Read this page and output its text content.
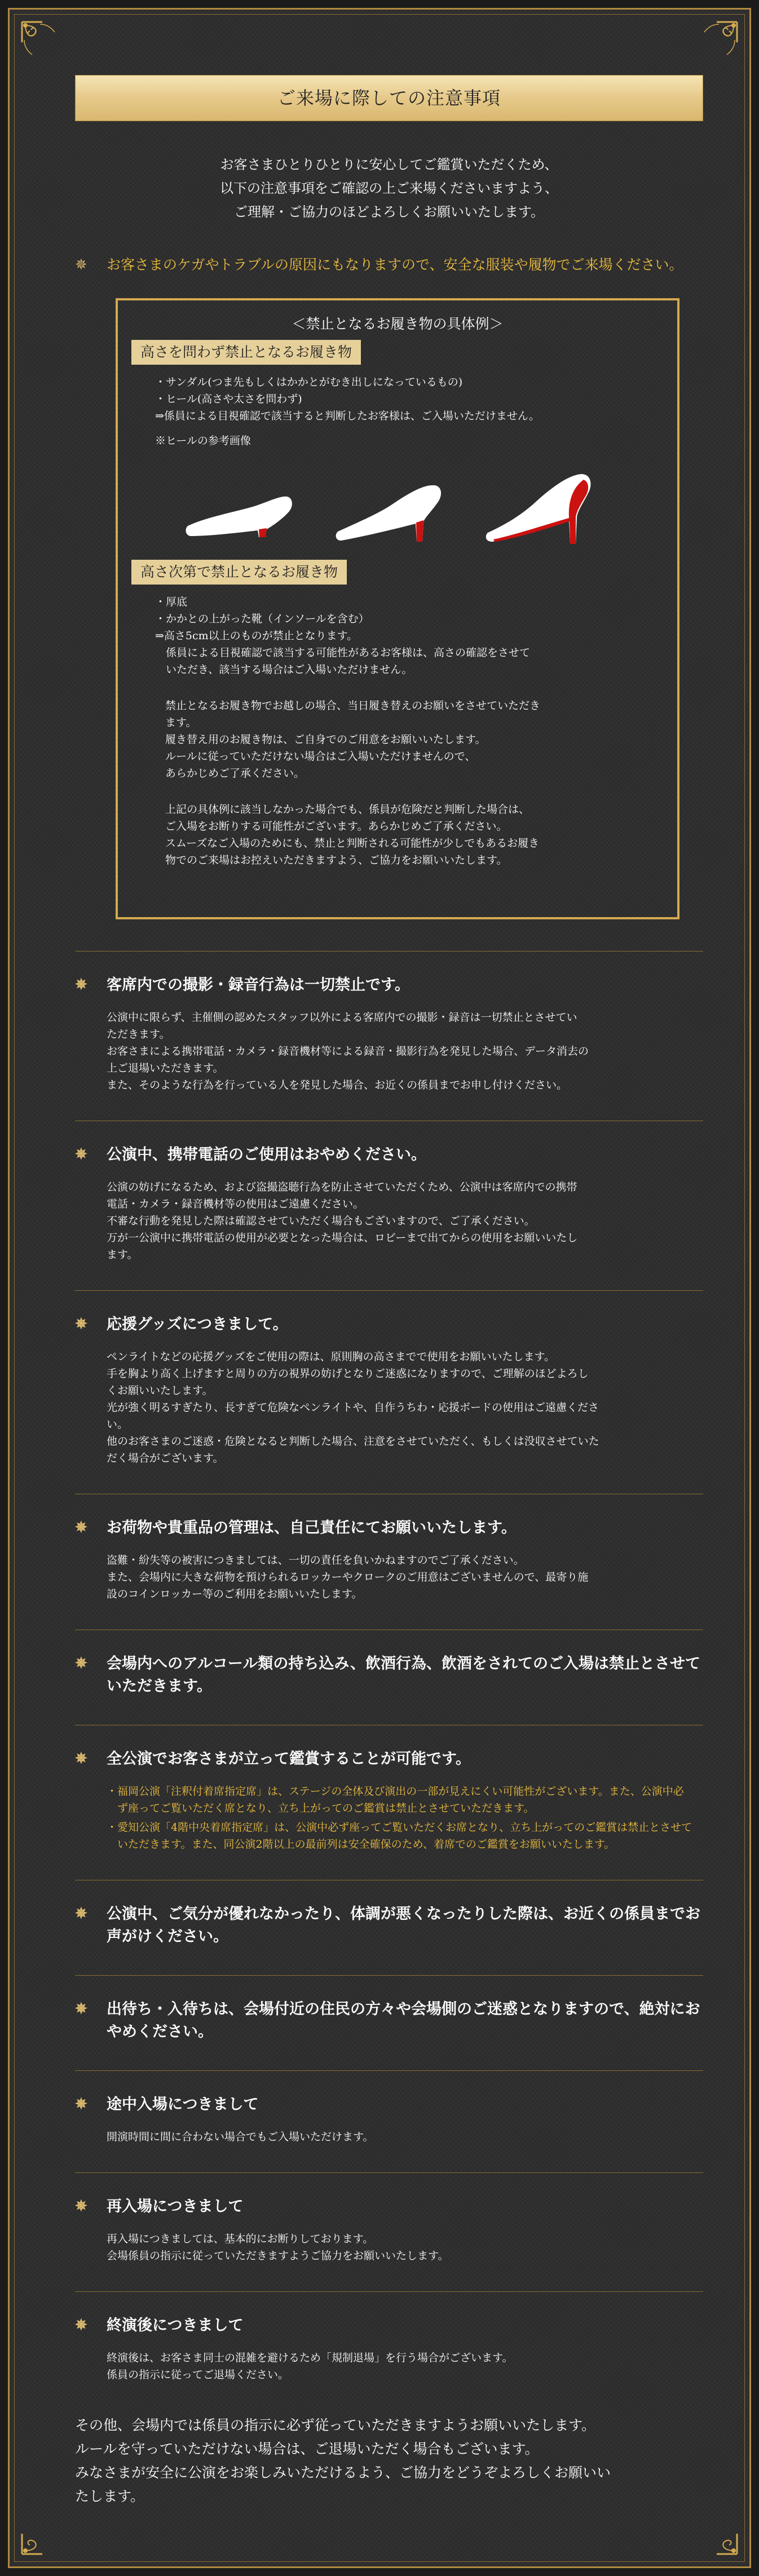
ご来場に際しての注意事項
お客さまひとりひとりに安心してご鑑賞いただくため、
以下の注意事項をご確認の上ご来場くださいますよう、
ご理解・ご協力のほどよろしくお願いいたします。
✵	お客さまのケガやトラブルの原因にもなりますので、安全な服装や履物でご来場ください。
＜禁止となるお履き物の具体例＞
高さを問わず禁止となるお履き物
・サンダル(つま先もしくはかかとがむき出しになっているもの)
・ヒール(高さや太さを問わず)
⇒係員による目視確認で該当すると判断したお客様は、ご入場いただけません。
※ヒールの参考画像
高さ次第で禁止となるお履き物
・厚底
・かかとの上がった靴（インソールを含む）
⇒高さ5cm以上のものが禁止となります。
　係員による目視確認で該当する可能性があるお客様は、高さの確認をさせて
　いただき、該当する場合はご入場いただけません。
禁止となるお履き物でお越しの場合、当日履き替えのお願いをさせていただき
ます。
履き替え用のお履き物は、ご自身でのご用意をお願いいたします。
ルールに従っていただけない場合はご入場いただけませんので、
あらかじめご了承ください。
上記の具体例に該当しなかった場合でも、係員が危険だと判断した場合は、
ご入場をお断りする可能性がございます。あらかじめご了承ください。
スムーズなご入場のためにも、禁止と判断される可能性が少しでもあるお履き
物でのご来場はお控えいただきますよう、ご協力をお願いいたします。
✵	客席内での撮影・録音行為は一切禁止です。
公演中に限らず、主催側の認めたスタッフ以外による客席内での撮影・録音は一切禁止とさせてい
ただきます。
お客さまによる携帯電話・カメラ・録音機材等による録音・撮影行為を発見した場合、データ消去の
上ご退場いただきます。
また、そのような行為を行っている人を発見した場合、お近くの係員までお申し付けください。
✵	公演中、携帯電話のご使用はおやめください。
公演の妨げになるため、および盗撮盗聴行為を防止させていただくため、公演中は客席内での携帯
電話・カメラ・録音機材等の使用はご遠慮ください。
不審な行動を発見した際は確認させていただく場合もございますので、ご了承ください。
万が一公演中に携帯電話の使用が必要となった場合は、ロビーまで出てからの使用をお願いいたし
ます。
✵	応援グッズにつきまして。
ペンライトなどの応援グッズをご使用の際は、原則胸の高さまでで使用をお願いいたします。
手を胸より高く上げますと周りの方の視界の妨げとなりご迷惑になりますので、ご理解のほどよろし
くお願いいたします。
光が強く明るすぎたり、長すぎて危険なペンライトや、自作うちわ・応援ボードの使用はご遠慮くださ
い。
他のお客さまのご迷惑・危険となると判断した場合、注意をさせていただく、もしくは没収させていた
だく場合がございます。
✵	お荷物や貴重品の管理は、自己責任にてお願いいたします。
盗難・紛失等の被害につきましては、一切の責任を負いかねますのでご了承ください。
また、会場内に大きな荷物を預けられるロッカーやクロークのご用意はございませんので、最寄り施
設のコインロッカー等のご利用をお願いいたします。
✵	会場内へのアルコール類の持ち込み、飲酒行為、飲酒をされてのご入場は禁止とさせていただきます。
✵	全公演でお客さまが立って鑑賞することが可能です。
・ 福岡公演「注釈付着席指定席」は、ステージの全体及び演出の一部が見えにくい可能性がございます。また、公演中必ず座ってご覧いただく席となり、立ち上がってのご鑑賞は禁止とさせていただきます。
・ 愛知公演「4階中央着席指定席」は、公演中必ず座ってご覧いただくお席となり、立ち上がってのご鑑賞は禁止とさせていただきます。また、同公演2階以上の最前列は安全確保のため、着席でのご鑑賞をお願いいたします。
✵	公演中、ご気分が優れなかったり、体調が悪くなったりした際は、お近くの係員までお声がけください。
✵	出待ち・入待ちは、会場付近の住民の方々や会場側のご迷惑となりますので、絶対におやめください。
✵	途中入場につきまして
開演時間に間に合わない場合でもご入場いただけます。
✵	再入場につきまして
再入場につきましては、基本的にお断りしております。
会場係員の指示に従っていただきますようご協力をお願いいたします。
✵	終演後につきまして
終演後は、お客さま同士の混雑を避けるため「規制退場」を行う場合がございます。
係員の指示に従ってご退場ください。
その他、会場内では係員の指示に必ず従っていただきますようお願いいたします。
ルールを守っていただけない場合は、ご退場いただく場合もございます。
みなさまが安全に公演をお楽しみいただけるよう、ご協力をどうぞよろしくお願いい
たします。
